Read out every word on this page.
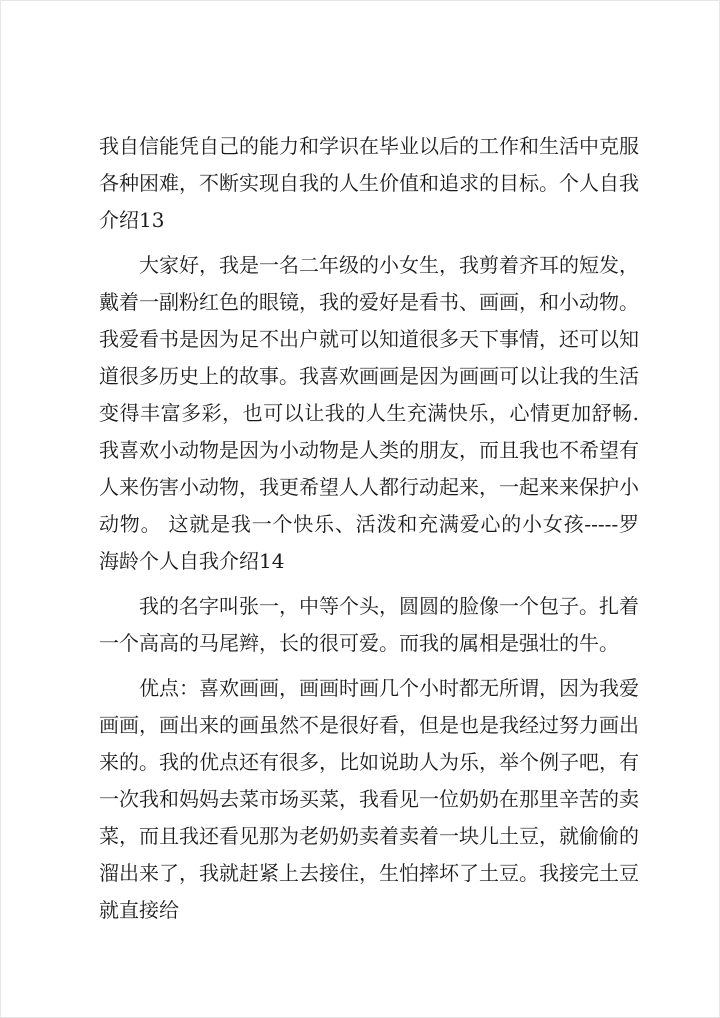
我自信能凭自己的能力和学识在毕业以后的工作和生活中克服各种困难，不断实现自我的人生价值和追求的目标。个人自我介绍13

大家好，我是一名二年级的小女生，我剪着齐耳的短发，戴着一副粉红色的眼镜，我的爱好是看书、画画，和小动物。我爱看书是因为足不出户就可以知道很多天下事情，还可以知道很多历史上的故事。我喜欢画画是因为画画可以让我的生活变得丰富多彩，也可以让我的人生充满快乐，心情更加舒畅.我喜欢小动物是因为小动物是人类的朋友，而且我也不希望有人来伤害小动物，我更希望人人都行动起来，一起来来保护小动物。 这就是我一个快乐、活泼和充满爱心的小女孩-----罗海龄个人自我介绍14

我的名字叫张一，中等个头，圆圆的脸像一个包子。扎着一个高高的马尾辫，长的很可爱。而我的属相是强壮的牛。

优点：喜欢画画，画画时画几个小时都无所谓，因为我爱画画，画出来的画虽然不是很好看，但是也是我经过努力画出来的。我的优点还有很多，比如说助人为乐，举个例子吧，有一次我和妈妈去菜市场买菜，我看见一位奶奶在那里辛苦的卖菜，而且我还看见那为老奶奶卖着卖着一块儿土豆，就偷偷的溜出来了，我就赶紧上去接住，生怕摔坏了土豆。我接完土豆就直接给
